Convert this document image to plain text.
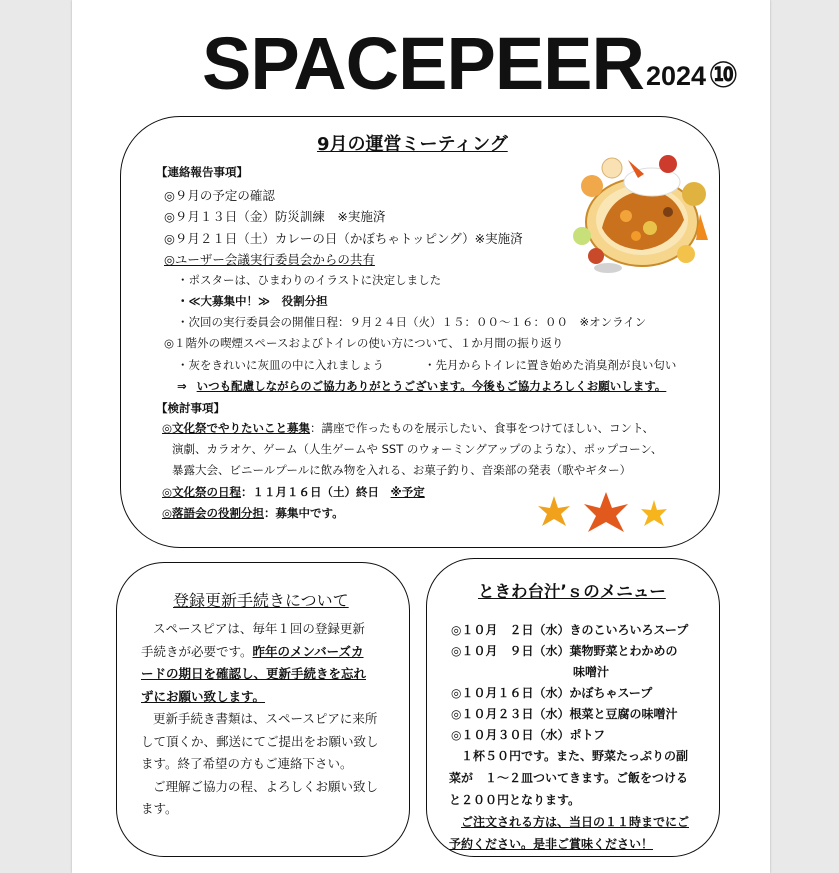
SPACEPEER 2024 ⑩
9月の運営ミーティング
【連絡報告事項】
◎９月の予定の確認
◎９月１３日（金）防災訓練　※実施済
◎９月２１日（土）カレーの日（かぼちゃトッピング）※実施済
◎ユーザー会議実行委員会からの共有
・ポスターは、ひまわりのイラストに決定しました
・≪大募集中！≫　役割分担
・次回の実行委員会の開催日程：９月２４日（火）１５：００〜１６：００　※オンライン
◎１階外の喫煙スペースおよびトイレの使い方について、１か月間の振り返り
・灰をきれいに灰皿の中に入れましょう	・先月からトイレに置き始めた消臭剤が良い匂い
⇒ いつも配慮しながらのご協力ありがとうございます。今後もご協力よろしくお願いします。
【検討事項】
◎文化祭でやりたいこと募集：講座で作ったものを展示したい、食事をつけてほしい、コント、
演劇、カラオケ、ゲーム（人生ゲームや SST のウォーミングアップのような）、ポップコーン、
暴露大会、ビニールプールに飲み物を入れる、お菓子釣り、音楽部の発表（歌やギター）
◎文化祭の日程：１１月１６日（土）終日　※予定
◎落語会の役割分担：募集中です。
登録更新手続きについて
スペースピアは、毎年１回の登録更新
手続きが必要です。昨年のメンバーズカ
ードの期日を確認し、更新手続きを忘れ
ずにお願い致します。
更新手続き書類は、スペースピアに来所
して頂くか、郵送にてご提出をお願い致し
ます。終了希望の方もご連絡下さい。
ご理解ご協力の程、よろしくお願い致し
ます。
ときわ台汁’ｓのメニュー
◎１０月　２日（水）きのこいろいろスープ
◎１０月　９日（水）葉物野菜とわかめの
味噌汁
◎１０月１６日（水）かぼちゃスープ
◎１０月２３日（水）根菜と豆腐の味噌汁
◎１０月３０日（水）ポトフ
１杯５０円です。また、野菜たっぷりの副
菜が　１〜２皿ついてきます。ご飯をつける
と２００円となります。
ご注文される方は、当日の１１時までにご
予約ください。是非ご賞味ください！
